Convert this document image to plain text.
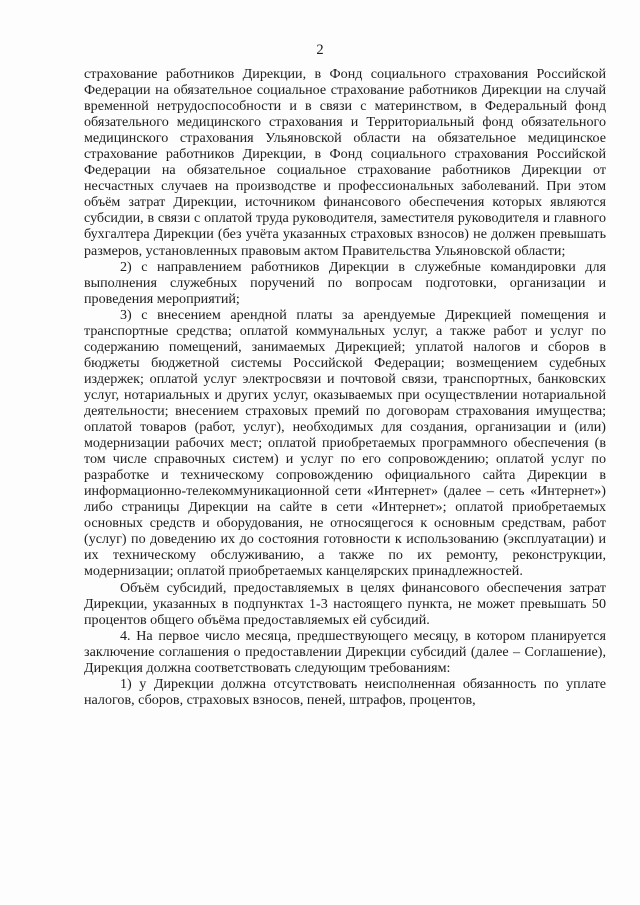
2

страхование работников Дирекции, в Фонд социального страхования Российской Федерации на обязательное социальное страхование работников Дирекции на случай временной нетрудоспособности и в связи с материнством, в Федеральный фонд обязательного медицинского страхования и Территориальный фонд обязательного медицинского страхования Ульяновской области на обязательное медицинское страхование работников Дирекции, в Фонд социального страхования Российской Федерации на обязательное социальное страхование работников Дирекции от несчастных случаев на производстве и профессиональных заболеваний. При этом объём затрат Дирекции, источником финансового обеспечения которых являются субсидии, в связи с оплатой труда руководителя, заместителя руководителя и главного бухгалтера Дирекции (без учёта указанных страховых взносов) не должен превышать размеров, установленных правовым актом Правительства Ульяновской области;

2) с направлением работников Дирекции в служебные командировки для выполнения служебных поручений по вопросам подготовки, организации и проведения мероприятий;

3) с внесением арендной платы за арендуемые Дирекцией помещения и транспортные средства; оплатой коммунальных услуг, а также работ и услуг по содержанию помещений, занимаемых Дирекцией; уплатой налогов и сборов в бюджеты бюджетной системы Российской Федерации; возмещением судебных издержек; оплатой услуг электросвязи и почтовой связи, транспортных, банковских услуг, нотариальных и других услуг, оказываемых при осуществлении нотариальной деятельности; внесением страховых премий по договорам страхования имущества; оплатой товаров (работ, услуг), необходимых для создания, организации и (или) модернизации рабочих мест; оплатой приобретаемых программного обеспечения (в том числе справочных систем) и услуг по его сопровождению; оплатой услуг по разработке и техническому сопровождению официального сайта Дирекции в информационно-телекоммуникационной сети «Интернет» (далее – сеть «Интернет») либо страницы Дирекции на сайте в сети «Интернет»; оплатой приобретаемых основных средств и оборудования, не относящегося к основным средствам, работ (услуг) по доведению их до состояния готовности к использованию (эксплуатации) и их техническому обслуживанию, а также по их ремонту, реконструкции, модернизации; оплатой приобретаемых канцелярских принадлежностей.

Объём субсидий, предоставляемых в целях финансового обеспечения затрат Дирекции, указанных в подпунктах 1-3 настоящего пункта, не может превышать 50 процентов общего объёма предоставляемых ей субсидий.

4. На первое число месяца, предшествующего месяцу, в котором планируется заключение соглашения о предоставлении Дирекции субсидий (далее – Соглашение), Дирекция должна соответствовать следующим требованиям:

1) у Дирекции должна отсутствовать неисполненная обязанность по уплате налогов, сборов, страховых взносов, пеней, штрафов, процентов,
